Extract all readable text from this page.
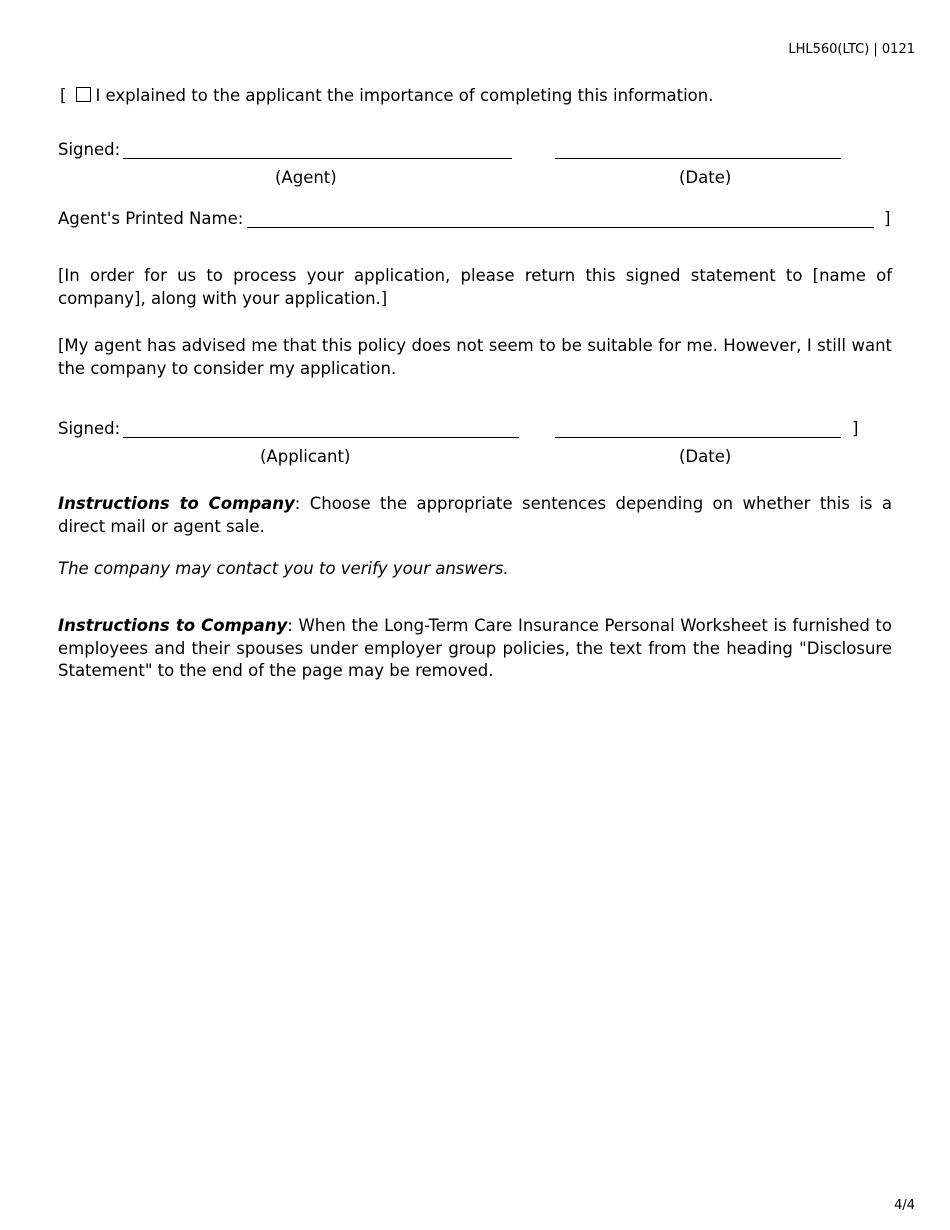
LHL560(LTC) | 0121
[ I explained to the applicant the importance of completing this information.
Signed:
(Agent)	(Date)
Agent's Printed Name:	]
[In order for us to process your application, please return this signed statement to [name of company], along with your application.]
[My agent has advised me that this policy does not seem to be suitable for me. However, I still want the company to consider my application.
Signed:	]
(Applicant)	(Date)
Instructions to Company: Choose the appropriate sentences depending on whether this is a direct mail or agent sale.
The company may contact you to verify your answers.
Instructions to Company: When the Long-Term Care Insurance Personal Worksheet is furnished to employees and their spouses under employer group policies, the text from the heading "Disclosure Statement" to the end of the page may be removed.
4/4
